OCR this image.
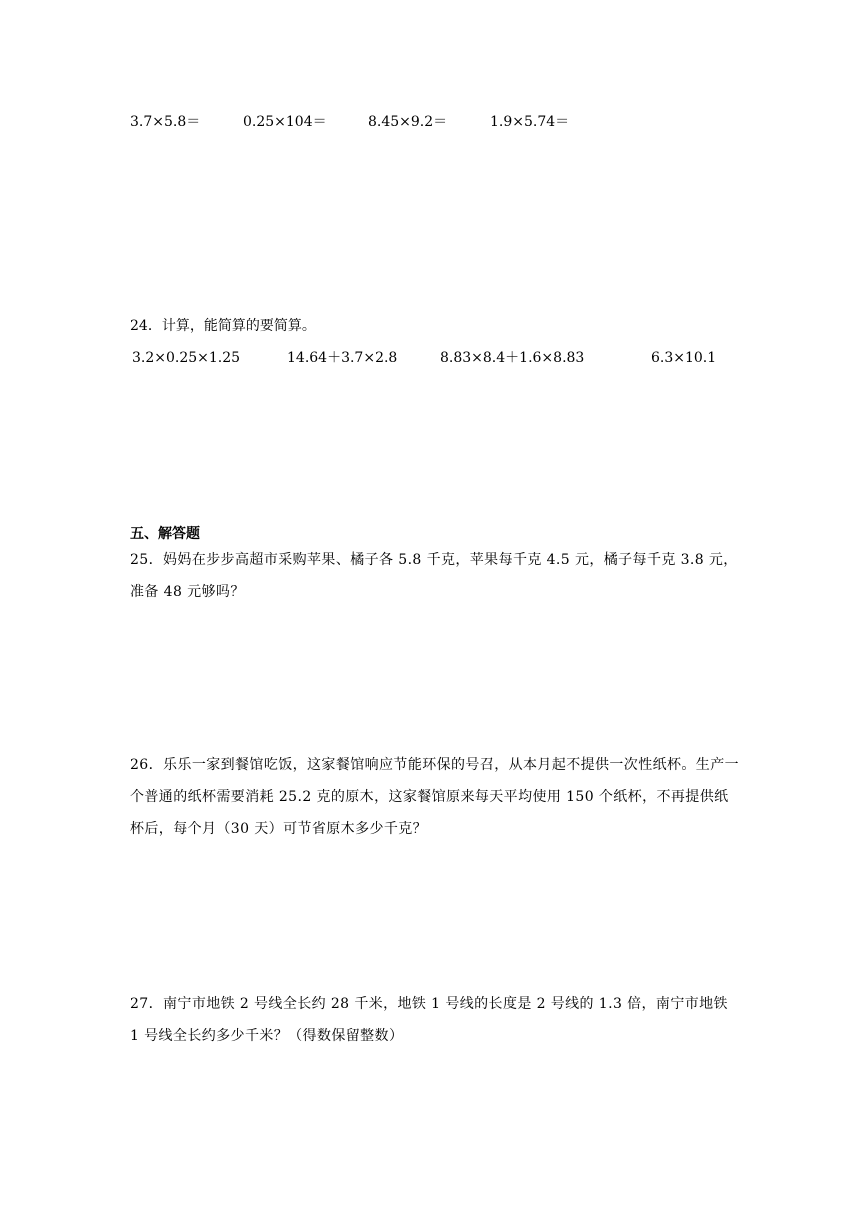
3.7×5.8＝	0.25×104＝	8.45×9.2＝	1.9×5.74＝
24．计算，能简算的要简算。
3.2×0.25×1.25	14.64＋3.7×2.8	8.83×8.4＋1.6×8.83	6.3×10.1
五、解答题
25．妈妈在步步高超市采购苹果、橘子各 5.8 千克，苹果每千克 4.5 元，橘子每千克 3.8 元，准备 48 元够吗？
26．乐乐一家到餐馆吃饭，这家餐馆响应节能环保的号召，从本月起不提供一次性纸杯。生产一个普通的纸杯需要消耗 25.2 克的原木，这家餐馆原来每天平均使用 150 个纸杯，不再提供纸杯后，每个月（30 天）可节省原木多少千克？
27．南宁市地铁 2 号线全长约 28 千米，地铁 1 号线的长度是 2 号线的 1.3 倍，南宁市地铁 1 号线全长约多少千米？（得数保留整数）
